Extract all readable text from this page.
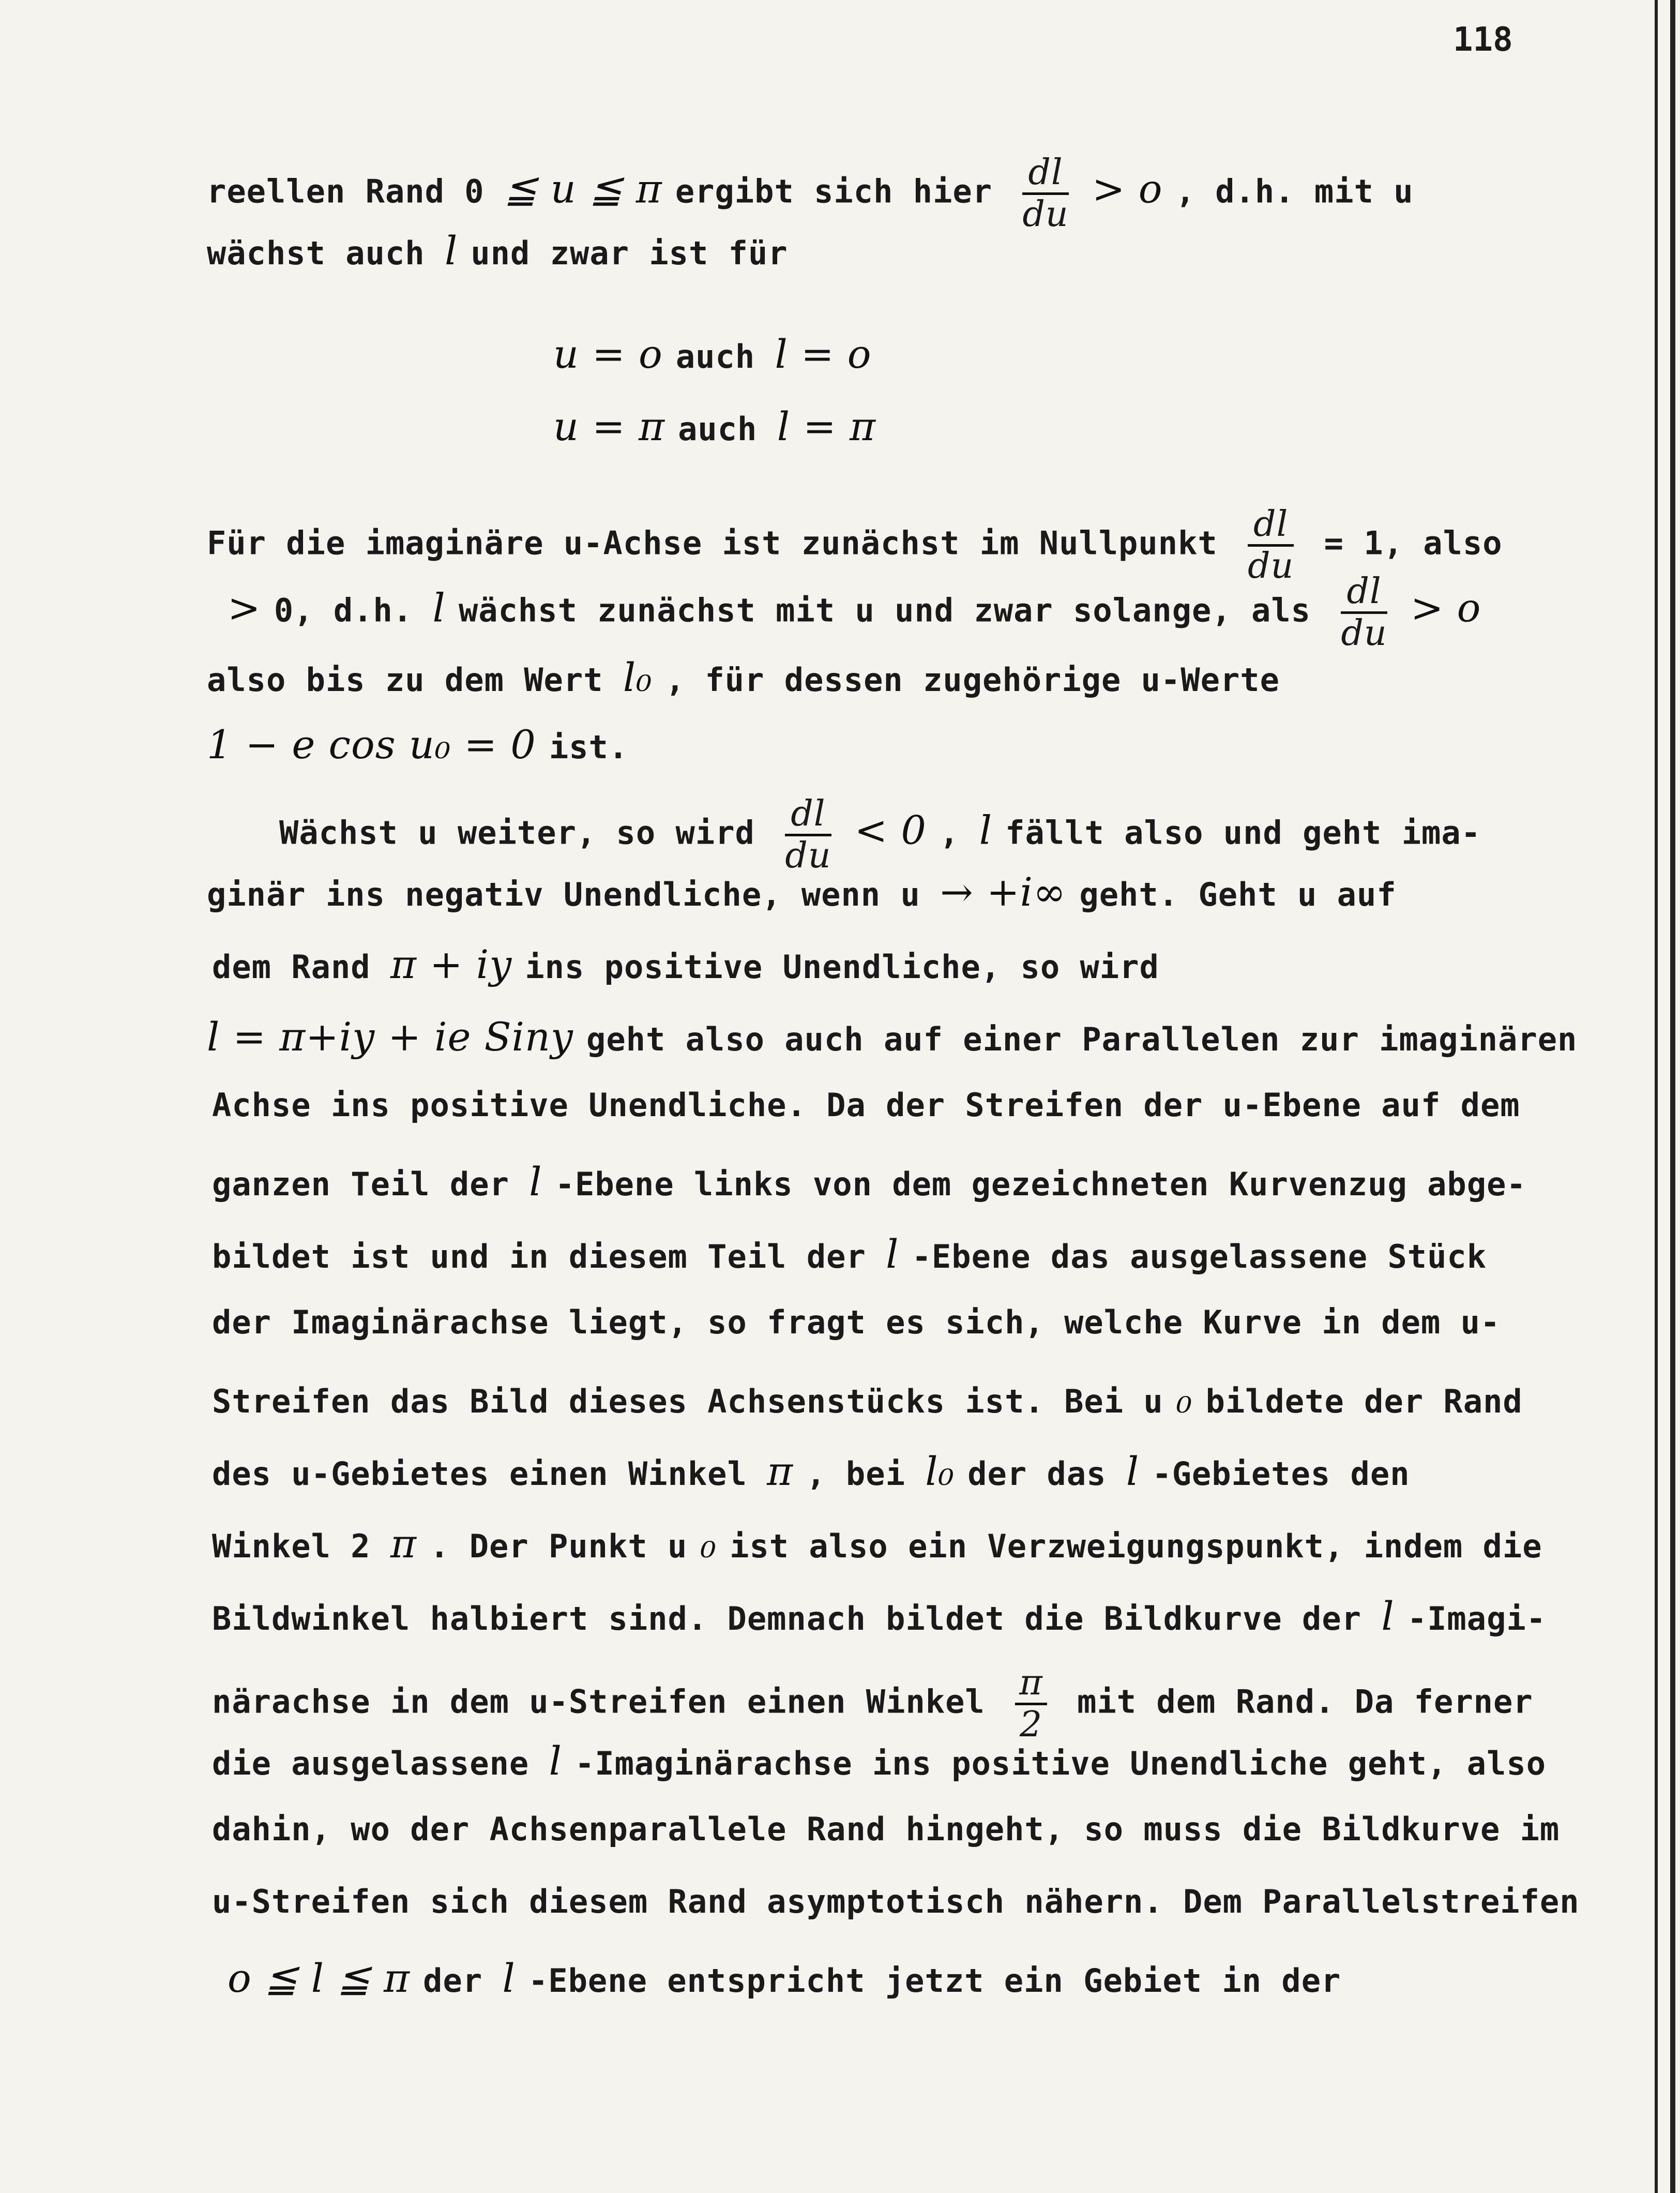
118
reellen Rand 0 ≦ u ≦ π ergibt sich hier $\frac{dl}{du} > o$ , d.h. mit u
wächst auch l und zwar ist für
u = o auch l = o
u = π auch l = π
Für die imaginäre u-Achse ist zunächst im Nullpunkt $\frac{dl}{du} = 1$, also
> 0, d.h. l wächst zunächst mit u und zwar solange, als $\frac{dl}{du} > o$
also bis zu dem Wert l₀ , für dessen zugehörige u-Werte
1 − e cos u₀ = 0 ist.
Wächst u weiter, so wird $\frac{dl}{du} < 0$ , l fällt also und geht ima-
ginär ins negativ Unendliche, wenn u → +i∞ geht. Geht u auf
dem Rand π + iy ins positive Unendliche, so wird
l = π+iy + ie Siny geht also auch auf einer Parallelen zur imaginären
Achse ins positive Unendliche. Da der Streifen der u-Ebene auf dem
ganzen Teil der l -Ebene links von dem gezeichneten Kurvenzug abge-
bildet ist und in diesem Teil der l -Ebene das ausgelassene Stück
der Imaginärachse liegt, so fragt es sich, welche Kurve in dem u-
Streifen das Bild dieses Achsenstücks ist. Bei u ₀ bildete der Rand
des u-Gebietes einen Winkel π , bei l₀ der das l -Gebietes den
Winkel 2 π . Der Punkt u ₀ ist also ein Verzweigungspunkt, indem die
Bildwinkel halbiert sind. Demnach bildet die Bildkurve der l -Imagi-
närachse in dem u-Streifen einen Winkel $\frac{\pi}{2}$ mit dem Rand. Da ferner
die ausgelassene l -Imaginärachse ins positive Unendliche geht, also
dahin, wo der Achsenparallele Rand hingeht, so muss die Bildkurve im
u-Streifen sich diesem Rand asymptotisch nähern. Dem Parallelstreifen
o ≦ l ≦ π der l -Ebene entspricht jetzt ein Gebiet in der
